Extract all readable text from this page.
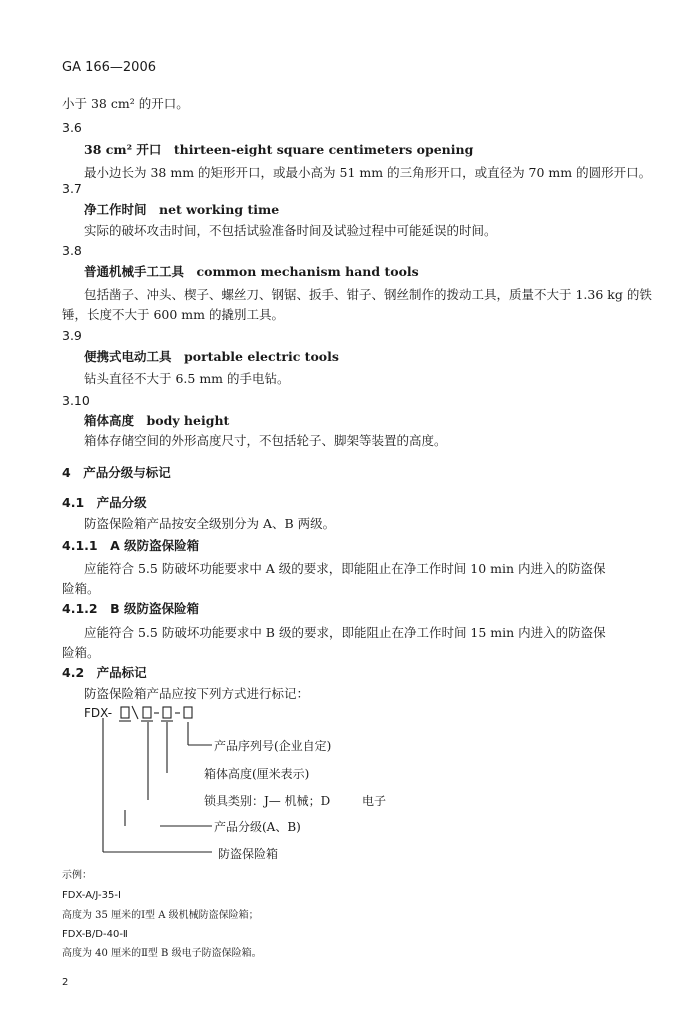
GA 166—2006
小于 38 cm² 的开口。
3.6
38 cm² 开口　thirteen-eight square centimeters opening
最小边长为 38 mm 的矩形开口，或最小高为 51 mm 的三角形开口，或直径为 70 mm 的圆形开口。
3.7
净工作时间　net working time
实际的破坏攻击时间，不包括试验准备时间及试验过程中可能延误的时间。
3.8
普通机械手工工具　common mechanism hand tools
包括凿子、冲头、楔子、螺丝刀、钢锯、扳手、钳子、钢丝制作的拨动工具，质量不大于 1.36 kg 的铁
锤，长度不大于 600 mm 的撬別工具。
3.9
便携式电动工具　portable electric tools
钻头直径不大于 6.5 mm 的手电钻。
3.10
箱体高度　body height
箱体存储空间的外形高度尺寸，不包括轮子、脚架等装置的高度。
4　产品分级与标记
4.1　产品分级
防盗保险箱产品按安全级别分为 A、B 两级。
4.1.1　A 级防盗保险箱
应能符合 5.5 防破坏功能要求中 A 级的要求，即能阻止在净工作时间 10 min 内进入的防盗保
险箱。
4.1.2　B 级防盗保险箱
应能符合 5.5 防破坏功能要求中 B 级的要求，即能阻止在净工作时间 15 min 内进入的防盗保
险箱。
4.2　产品标记
防盗保险箱产品应按下列方式进行标记：
FDX-
产品序列号(企业自定)
箱体高度(厘米表示)
锁具类别：J— 机械；D	电子
产品分级(A、B)
防盗保险箱
示例：
FDX-A/J-35-Ⅰ
高度为 35 厘米的Ⅰ型 A 级机械防盗保险箱；
FDX-B/D-40-Ⅱ
高度为 40 厘米的Ⅱ型 B 级电子防盗保险箱。
2
